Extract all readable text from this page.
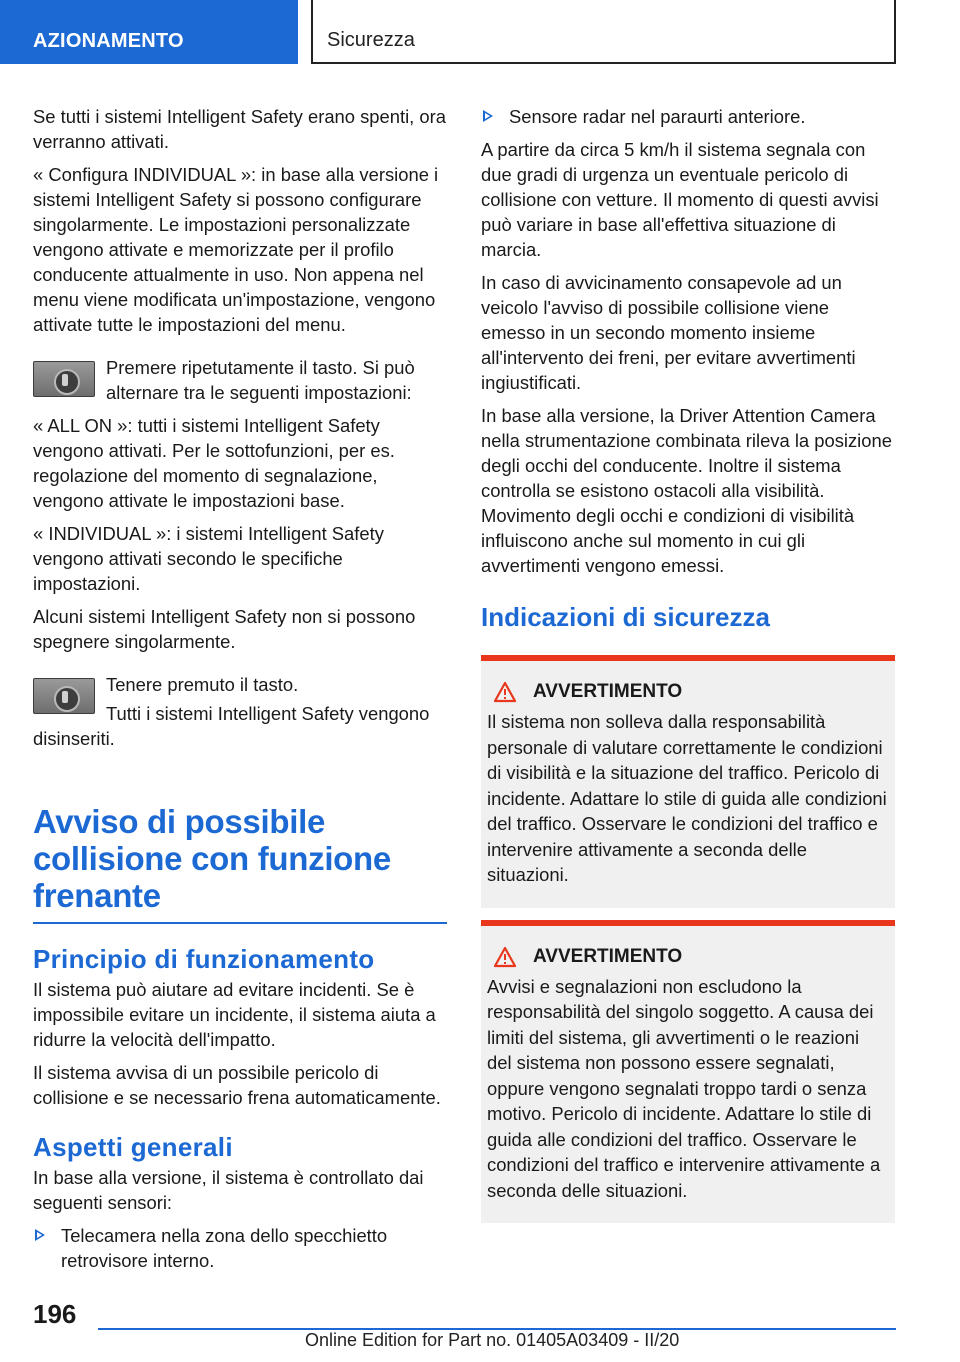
AZIONAMENTO	Sicurezza

Se tutti i sistemi Intelligent Safety erano spenti, ora verranno attivati.

« Configura INDIVIDUAL »: in base alla versione i sistemi Intelligent Safety si possono configurare singolarmente. Le impostazioni personalizzate vengono attivate e memorizzate per il profilo conducente attualmente in uso. Non appena nel menu viene modificata un'impostazione, vengono attivate tutte le impostazioni del menu.

Premere ripetutamente il tasto. Si può alternare tra le seguenti impostazioni:

« ALL ON »: tutti i sistemi Intelligent Safety vengono attivati. Per le sottofunzioni, per es. regolazione del momento di segnalazione, vengono attivate le impostazioni base.

« INDIVIDUAL »: i sistemi Intelligent Safety vengono attivati secondo le specifiche impostazioni.

Alcuni sistemi Intelligent Safety non si possono spegnere singolarmente.

Tenere premuto il tasto.

Tutti i sistemi Intelligent Safety vengono disinseriti.

Avviso di possibile collisione con funzione frenante
Principio di funzionamento

Il sistema può aiutare ad evitare incidenti. Se è impossibile evitare un incidente, il sistema aiuta a ridurre la velocità dell'impatto.

Il sistema avvisa di un possibile pericolo di collisione e se necessario frena automaticamente.

Aspetti generali

In base alla versione, il sistema è controllato dai seguenti sensori:

Telecamera nella zona dello specchietto retrovisore interno.
Sensore radar nel paraurti anteriore.

A partire da circa 5 km/h il sistema segnala con due gradi di urgenza un eventuale pericolo di collisione con vetture. Il momento di questi avvisi può variare in base all'effettiva situazione di marcia.

In caso di avvicinamento consapevole ad un veicolo l'avviso di possibile collisione viene emesso in un secondo momento insieme all'intervento dei freni, per evitare avvertimenti ingiustificati.

In base alla versione, la Driver Attention Camera nella strumentazione combinata rileva la posizione degli occhi del conducente. Inoltre il sistema controlla se esistono ostacoli alla visibilità. Movimento degli occhi e condizioni di visibilità influiscono anche sul momento in cui gli avvertimenti vengono emessi.

Indicazioni di sicurezza
AVVERTIMENTO

Il sistema non solleva dalla responsabilità personale di valutare correttamente le condizioni di visibilità e la situazione del traffico. Pericolo di incidente. Adattare lo stile di guida alle condizioni del traffico. Osservare le condizioni del traffico e intervenire attivamente a seconda delle situazioni.

AVVERTIMENTO

Avvisi e segnalazioni non escludono la responsabilità del singolo soggetto. A causa dei limiti del sistema, gli avvertimenti o le reazioni del sistema non possono essere segnalati, oppure vengono segnalati troppo tardi o senza motivo. Pericolo di incidente. Adattare lo stile di guida alle condizioni del traffico. Osservare le condizioni del traffico e intervenire attivamente a seconda delle situazioni.

196
Online Edition for Part no. 01405A03409 - II/20
